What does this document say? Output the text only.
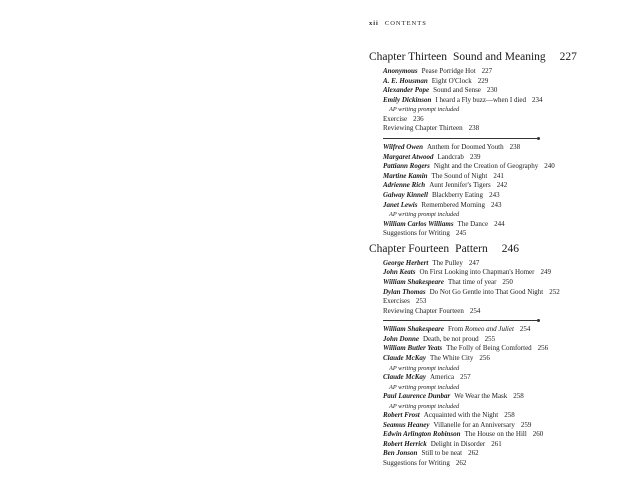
xii CONTENTS
Chapter Thirteen Sound and Meaning 227
Anonymous Pease Porridge Hot 227
A. E. Housman Eight O'Clock 229
Alexander Pope Sound and Sense 230
Emily Dickinson I heard a Fly buzz—when I died 234
AP writing prompt included
Exercise 236
Reviewing Chapter Thirteen 238
Wilfred Owen Anthem for Doomed Youth 238
Margaret Atwood Landcrab 239
Pattiann Rogers Night and the Creation of Geography 240
Martine Kamin The Sound of Night 241
Adrienne Rich Aunt Jennifer's Tigers 242
Galway Kinnell Blackberry Eating 243
Janet Lewis Remembered Morning 243
AP writing prompt included
William Carlos Williams The Dance 244
Suggestions for Writing 245
Chapter Fourteen Pattern 246
George Herbert The Pulley 247
John Keats On First Looking into Chapman's Homer 249
William Shakespeare That time of year 250
Dylan Thomas Do Not Go Gentle into That Good Night 252
Exercises 253
Reviewing Chapter Fourteen 254
William Shakespeare From Romeo and Juliet 254
John Donne Death, be not proud 255
William Butler Yeats The Folly of Being Comforted 256
Claude McKay The White City 256
AP writing prompt included
Claude McKay America 257
AP writing prompt included
Paul Laurence Dunbar We Wear the Mask 258
AP writing prompt included
Robert Frost Acquainted with the Night 258
Seamus Heaney Villanelle for an Anniversary 259
Edwin Arlington Robinson The House on the Hill 260
Robert Herrick Delight in Disorder 261
Ben Jonson Still to be neat 262
Suggestions for Writing 262
